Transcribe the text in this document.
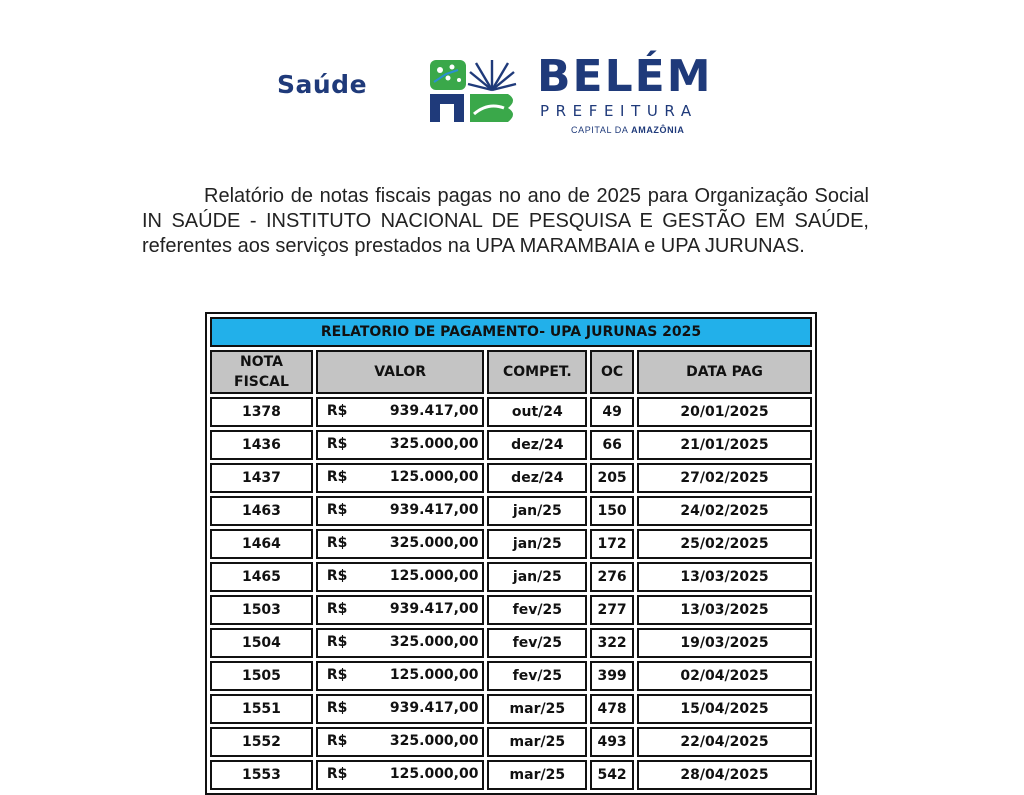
Saúde	BELÉM
PREFEITURA
CAPITAL DA AMAZÔNIA

Relatório de notas fiscais pagas no ano de 2025 para Organização Social IN SAÚDE - INSTITUTO NACIONAL DE PESQUISA E GESTÃO EM SAÚDE, referentes aos serviços prestados na UPA MARAMBAIA e UPA JURUNAS.

RELATORIO DE PAGAMENTO- UPA JURUNAS 2025				
NOTA FISCAL	VALOR	COMPET.	OC	DATA PAG
1378	R$ 939.417,00	out/24	49	20/01/2025
1436	R$ 325.000,00	dez/24	66	21/01/2025
1437	R$ 125.000,00	dez/24	205	27/02/2025
1463	R$ 939.417,00	jan/25	150	24/02/2025
1464	R$ 325.000,00	jan/25	172	25/02/2025
1465	R$ 125.000,00	jan/25	276	13/03/2025
1503	R$ 939.417,00	fev/25	277	13/03/2025
1504	R$ 325.000,00	fev/25	322	19/03/2025
1505	R$ 125.000,00	fev/25	399	02/04/2025
1551	R$ 939.417,00	mar/25	478	15/04/2025
1552	R$ 325.000,00	mar/25	493	22/04/2025
1553	R$ 125.000,00	mar/25	542	28/04/2025
